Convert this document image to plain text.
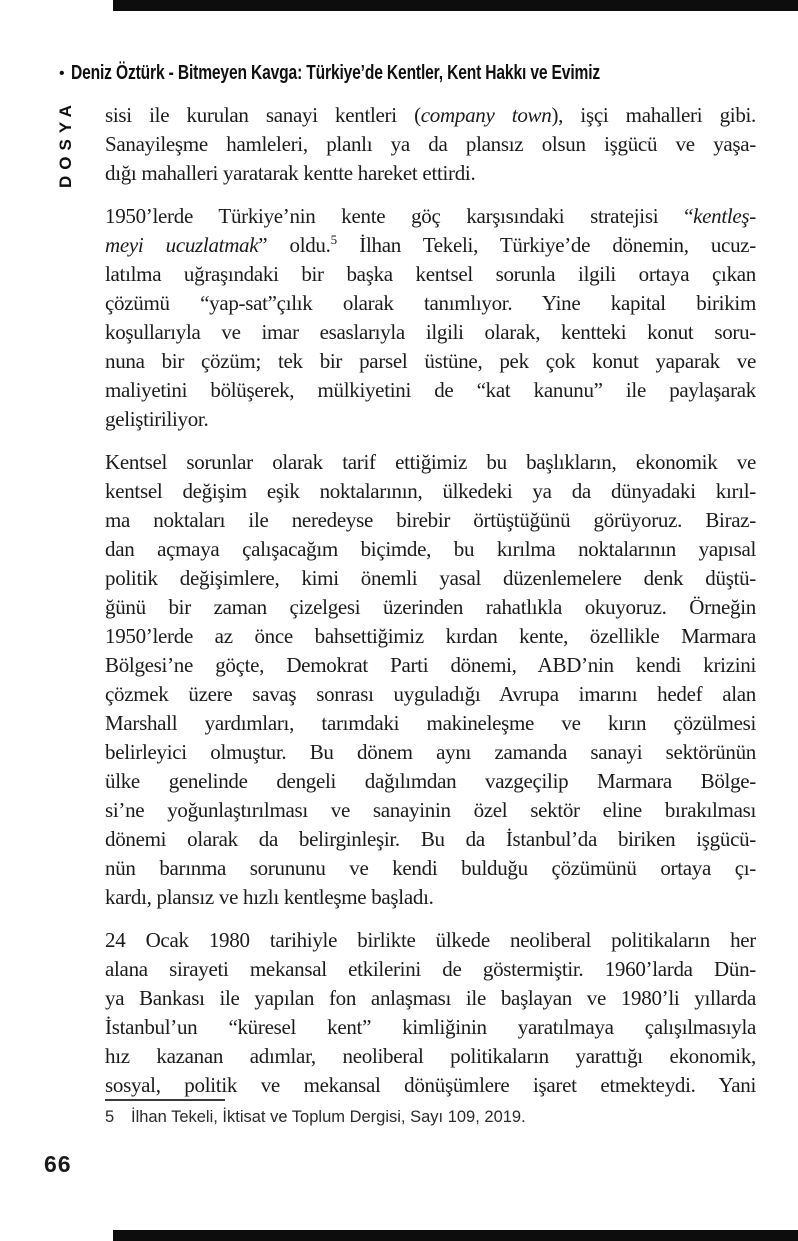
• Deniz Öztürk - Bitmeyen Kavga: Türkiye’de Kentler, Kent Hakkı ve Evimiz
DOSYA sisi ile kurulan sanayi kentleri (company town), işçi mahalleri gibi.
Sanayileşme hamleleri, planlı ya da plansız olsun işgücü ve yaşa-
dığı mahalleri yaratarak kentte hareket ettirdi.
1950’lerde Türkiye’nin kente göç karşısındaki stratejisi “kentleş-
meyi ucuzlatmak” oldu.$^5$ İlhan Tekeli, Türkiye’de dönemin, ucuz-
latılma uğraşındaki bir başka kentsel sorunla ilgili ortaya çıkan
çözümü “yap-sat”çılık olarak tanımlıyor. Yine kapital birikim
koşullarıyla ve imar esaslarıyla ilgili olarak, kentteki konut soru-
nuna bir çözüm; tek bir parsel üstüne, pek çok konut yaparak ve
maliyetini bölüşerek, mülkiyetini de “kat kanunu” ile paylaşarak
geliştiriliyor.
Kentsel sorunlar olarak tarif ettiğimiz bu başlıkların, ekonomik ve
kentsel değişim eşik noktalarının, ülkedeki ya da dünyadaki kırıl-
ma noktaları ile neredeyse birebir örtüştüğünü görüyoruz. Biraz-
dan açmaya çalışacağım biçimde, bu kırılma noktalarının yapısal
politik değişimlere, kimi önemli yasal düzenlemelere denk düştü-
ğünü bir zaman çizelgesi üzerinden rahatlıkla okuyoruz. Örneğin
1950’lerde az önce bahsettiğimiz kırdan kente, özellikle Marmara
Bölgesi’ne göçte, Demokrat Parti dönemi, ABD’nin kendi krizini
çözmek üzere savaş sonrası uyguladığı Avrupa imarını hedef alan
Marshall yardımları, tarımdaki makineleşme ve kırın çözülmesi
belirleyici olmuştur. Bu dönem aynı zamanda sanayi sektörünün
ülke genelinde dengeli dağılımdan vazgeçilip Marmara Bölge-
si’ne yoğunlaştırılması ve sanayinin özel sektör eline bırakılması
dönemi olarak da belirginleşir. Bu da İstanbul’da biriken işgücü-
nün barınma sorununu ve kendi bulduğu çözümünü ortaya çı-
kardı, plansız ve hızlı kentleşme başladı.
24 Ocak 1980 tarihiyle birlikte ülkede neoliberal politikaların her
alana sirayeti mekansal etkilerini de göstermiştir. 1960’larda Dün-
ya Bankası ile yapılan fon anlaşması ile başlayan ve 1980’li yıllarda
İstanbul’un “küresel kent” kimliğinin yaratılmaya çalışılmasıyla
hız kazanan adımlar, neoliberal politikaların yarattığı ekonomik,
sosyal, politik ve mekansal dönüşümlere işaret etmekteydi. Yani
5 İlhan Tekeli, İktisat ve Toplum Dergisi, Sayı 109, 2019.
66
